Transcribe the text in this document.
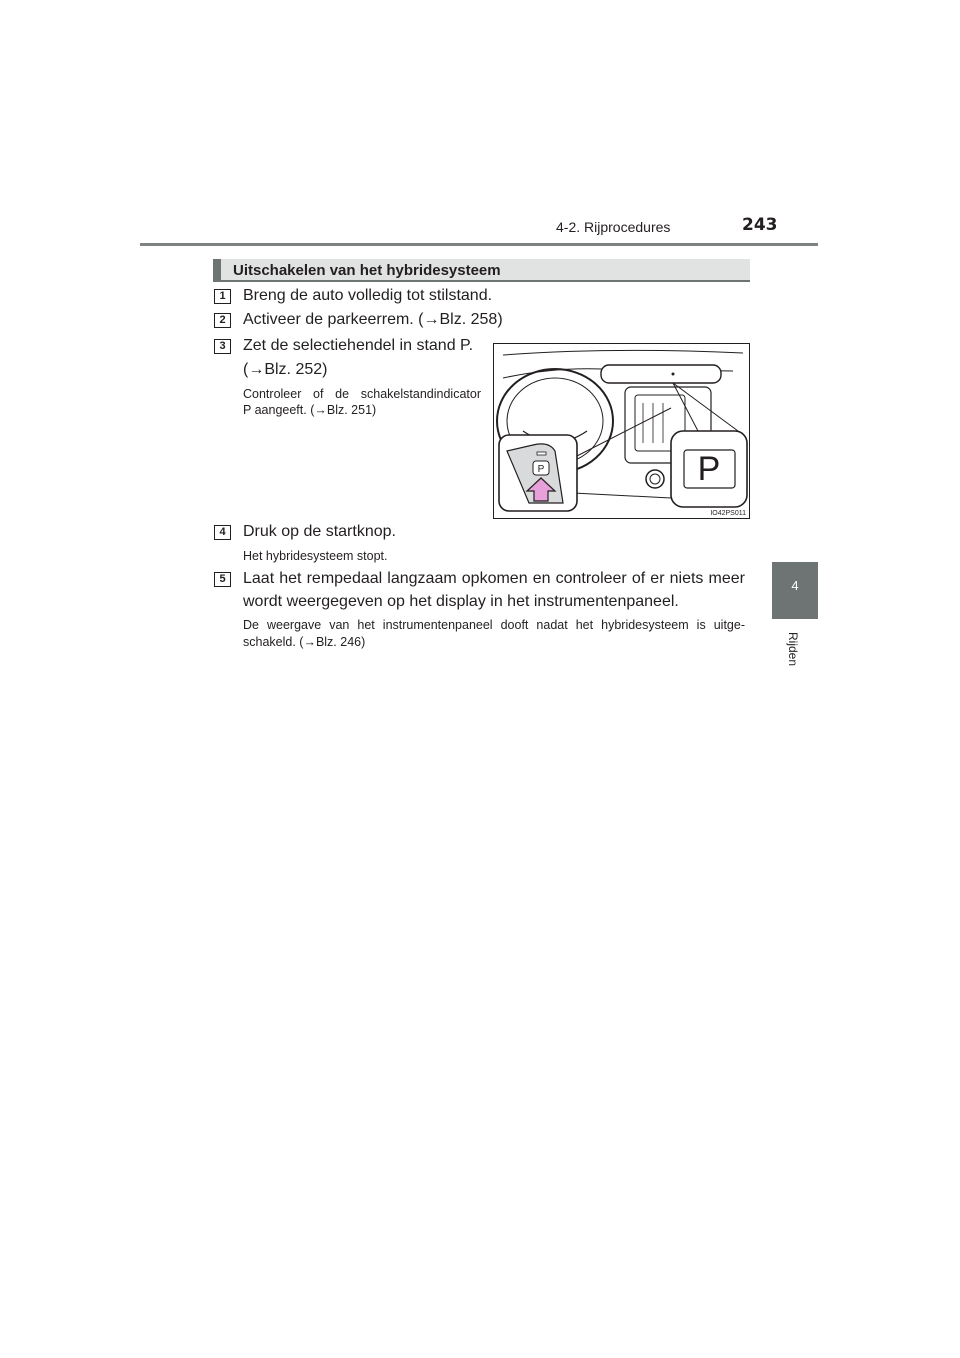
4-2. Rijprocedures	243
4
Rijden
Uitschakelen van het hybridesysteem
1	Breng de auto volledig tot stilstand.
2	Activeer de parkeerrem. (→Blz. 258)
3	Zet de selectiehendel in stand P.
(→Blz. 252)
Controleer of de schakelstandindicator
P aangeeft. (→Blz. 251)
P	P
IO42PS011
4	Druk op de startknop.
Het hybridesysteem stopt.
5	Laat het rempedaal langzaam opkomen en controleer of er niets meer
wordt weergegeven op het display in het instrumentenpaneel.
De weergave van het instrumentenpaneel dooft nadat het hybridesysteem is uitge-
schakeld. (→Blz. 246)
